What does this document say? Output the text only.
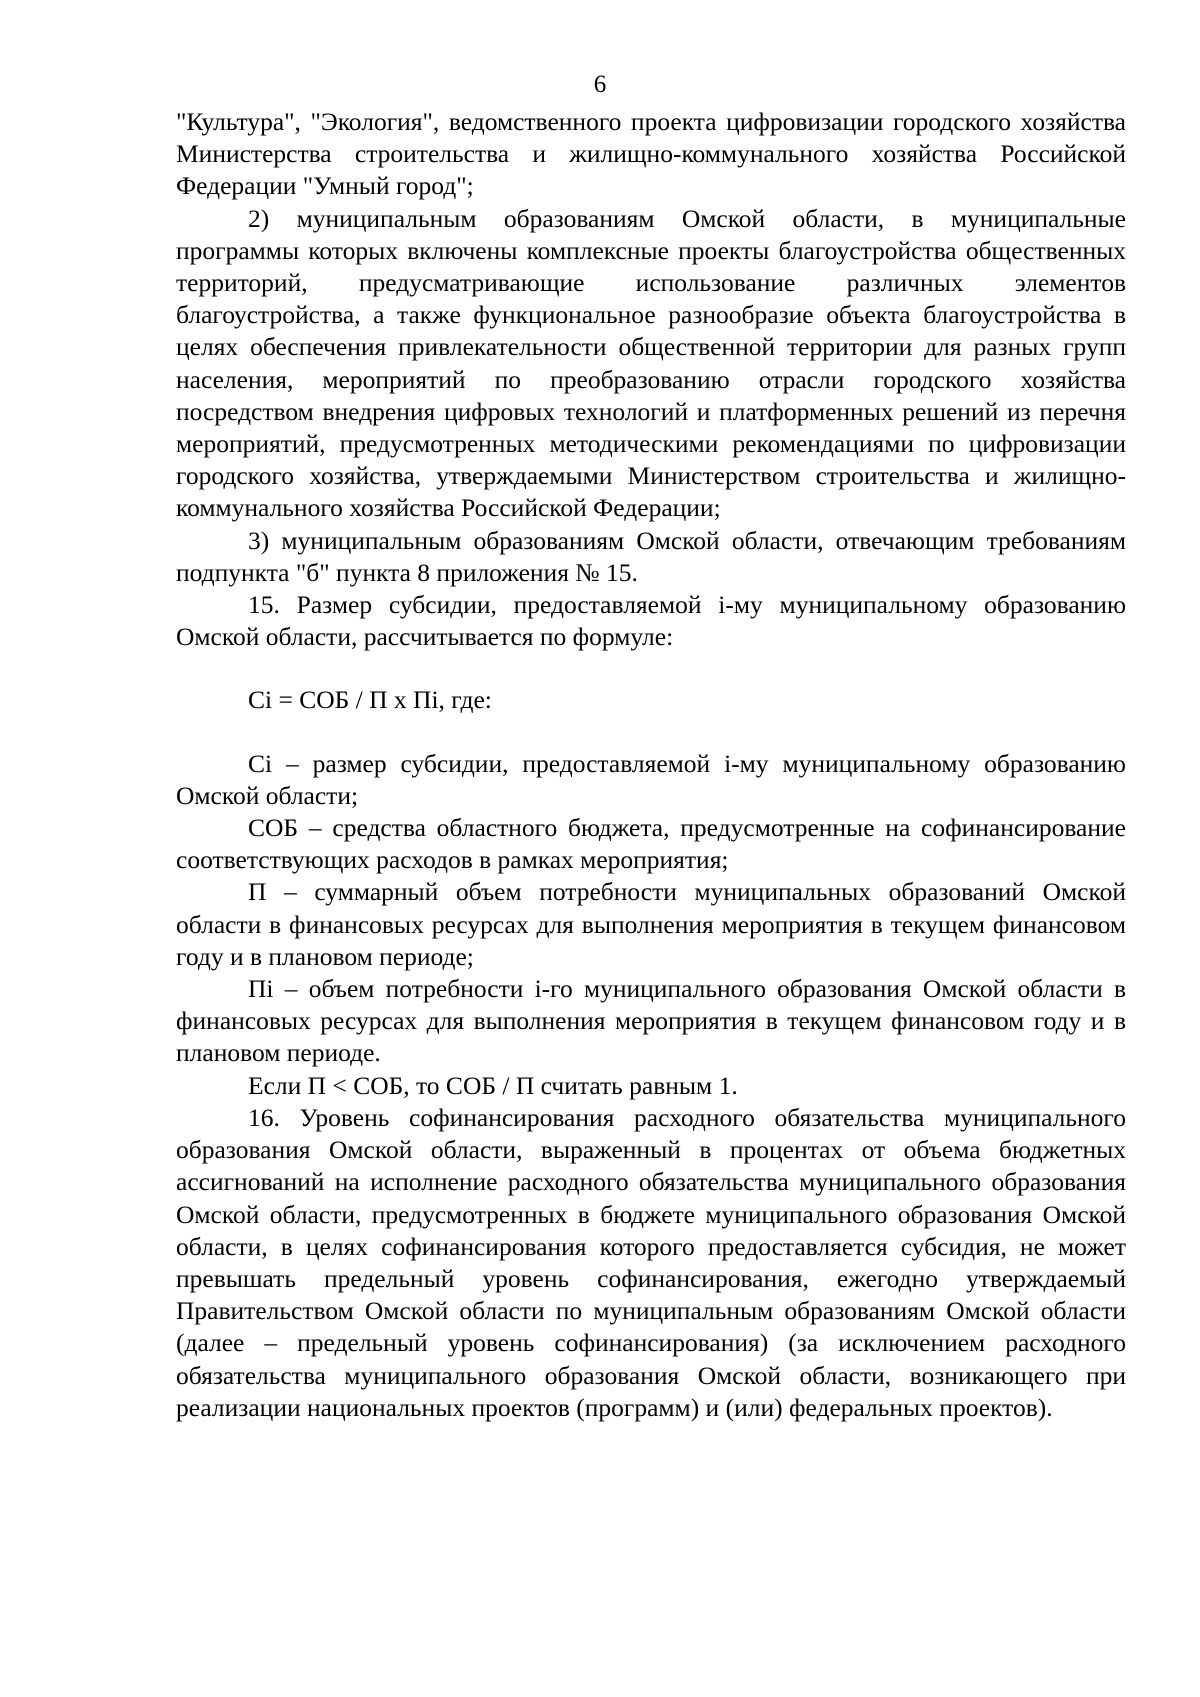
6

"Культура", "Экология", ведомственного проекта цифровизации городского хозяйства Министерства строительства и жилищно-коммунального хозяйства Российской Федерации "Умный город";

2) муниципальным образованиям Омской области, в муниципальные программы которых включены комплексные проекты благоустройства общественных территорий, предусматривающие использование различных элементов благоустройства, а также функциональное разнообразие объекта благоустройства в целях обеспечения привлекательности общественной территории для разных групп населения, мероприятий по преобразованию отрасли городского хозяйства посредством внедрения цифровых технологий и платформенных решений из перечня мероприятий, предусмотренных методическими рекомендациями по цифровизации городского хозяйства, утверждаемыми Министерством строительства и жилищно-коммунального хозяйства Российской Федерации;

3) муниципальным образованиям Омской области, отвечающим требованиям подпункта "б" пункта 8 приложения № 15.

15. Размер субсидии, предоставляемой i-му муниципальному образованию Омской области, рассчитывается по формуле:

Ci = СОБ / П х Пi, где:

Ci – размер субсидии, предоставляемой i-му муниципальному образованию Омской области;

СОБ – средства областного бюджета, предусмотренные на софинансирование соответствующих расходов в рамках мероприятия;

П – суммарный объем потребности муниципальных образований Омской области в финансовых ресурсах для выполнения мероприятия в текущем финансовом году и в плановом периоде;

Пi – объем потребности i-го муниципального образования Омской области в финансовых ресурсах для выполнения мероприятия в текущем финансовом году и в плановом периоде.

Если П < СОБ, то СОБ / П считать равным 1.

16. Уровень софинансирования расходного обязательства муниципального образования Омской области, выраженный в процентах от объема бюджетных ассигнований на исполнение расходного обязательства муниципального образования Омской области, предусмотренных в бюджете муниципального образования Омской области, в целях софинансирования которого предоставляется субсидия, не может превышать предельный уровень софинансирования, ежегодно утверждаемый Правительством Омской области по муниципальным образованиям Омской области (далее – предельный уровень софинансирования) (за исключением расходного обязательства муниципального образования Омской области, возникающего при реализации национальных проектов (программ) и (или) федеральных проектов).
